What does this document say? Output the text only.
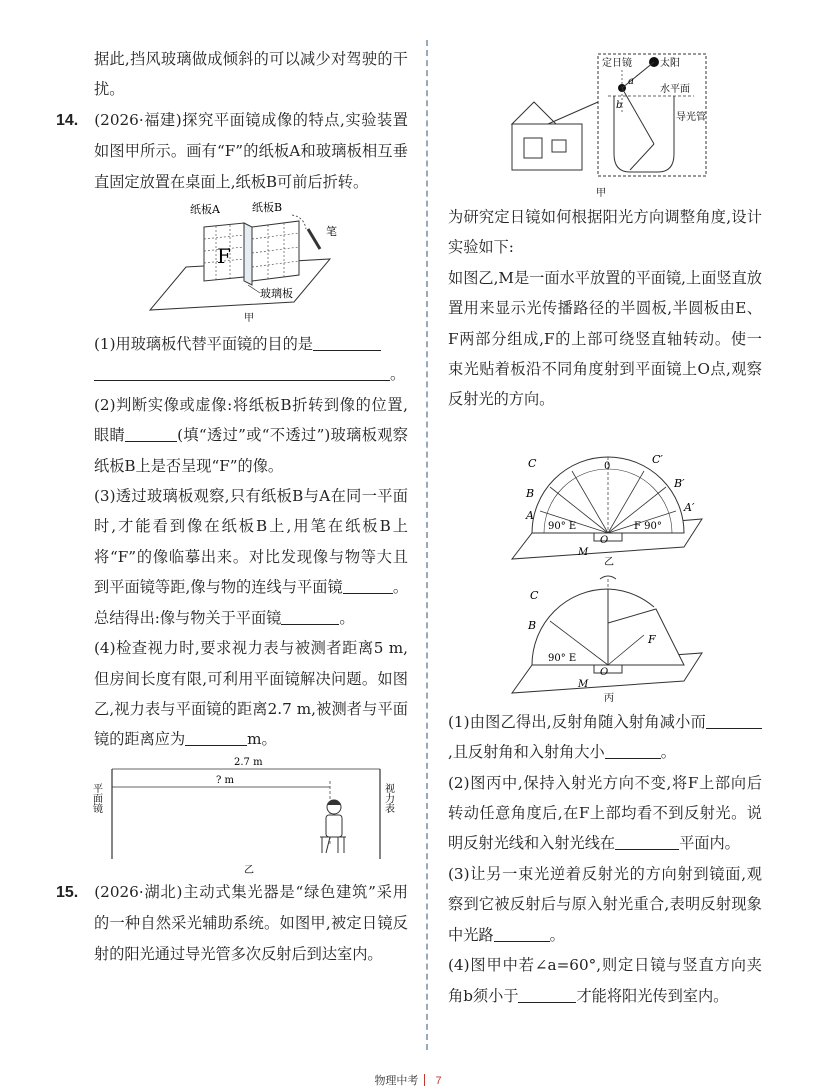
据此,挡风玻璃做成倾斜的可以减少对驾驶的干扰。

14. (2026·福建)探究平面镜成像的特点,实验装置如图甲所示。画有“F”的纸板A和玻璃板相互垂直固定放置在桌面上,纸板B可前后折转。

F
纸板A	纸板B
笔
玻璃板
甲

(1)用玻璃板代替平面镜的目的是

。

(2)判断实像或虚像:将纸板B折转到像的位置,眼睛	(填“透过”或“不透过”)玻璃板观察纸板B上是否呈现“F”的像。

(3)透过玻璃板观察,只有纸板B与A在同一平面时,才能看到像在纸板B上,用笔在纸板B上将“F”的像临摹出来。对比发现像与物等大且到平面镜等距,像与物的连线与平面镜	。总结得出:像与物关于平面镜	。

(4)检查视力时,要求视力表与被测者距离5 m,但房间长度有限,可利用平面镜解决问题。如图乙,视力表与平面镜的距离2.7 m,被测者与平面镜的距离应为	m。

平面镜	视力表
2.7 m
? m
乙

15. (2026·湖北)主动式集光器是“绿色建筑”采用的一种自然采光辅助系统。如图甲,被定日镜反射的阳光通过导光管多次反射后到达室内。

定日镜	太阳
水平面
导光管
a
b
甲

为研究定日镜如何根据阳光方向调整角度,设计实验如下:

如图乙,M是一面水平放置的平面镜,上面竖直放置用来显示光传播路径的半圆板,半圆板由E、F两部分组成,F的上部可绕竖直轴转动。使一束光贴着板沿不同角度射到平面镜上O点,观察反射光的方向。

C
B
A
C′
B′
A′
0
90° E	F 90°
O
M
乙
C
B
90° E
F
O
M
丙

(1)由图乙得出,反射角随入射角减小而,且反射角和入射角大小	。

(2)图丙中,保持入射光方向不变,将F上部向后转动任意角度后,在F上部均看不到反射光。说明反射光线和入射光线在	平面内。

(3)让另一束光逆着反射光的方向射到镜面,观察到它被反射后与原入射光重合,表明反射现象中光路	。

(4)图甲中若∠a=60°,则定日镜与竖直方向夹角b须小于	才能将阳光传到室内。

物理中考 7
